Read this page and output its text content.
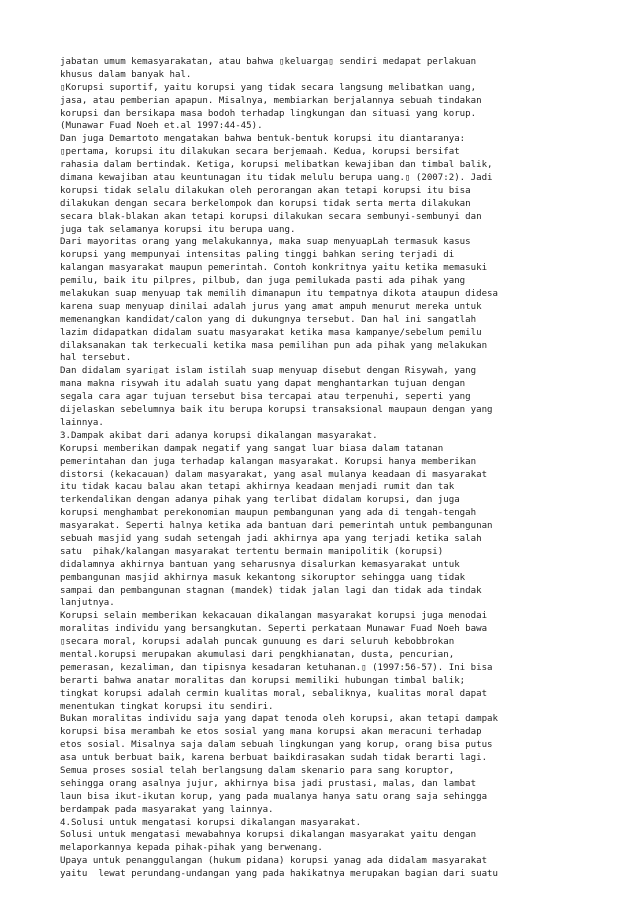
jabatan umum kemasyarakatan, atau bahwa ▯keluarga▯ sendiri medapat perlakuan
khusus dalam banyak hal.
▯Korupsi suportif, yaitu korupsi yang tidak secara langsung melibatkan uang,
jasa, atau pemberian apapun. Misalnya, membiarkan berjalannya sebuah tindakan
korupsi dan bersikapa masa bodoh terhadap lingkungan dan situasi yang korup.
(Munawar Fuad Noeh et.al 1997:44-45).
Dan juga Demartoto mengatakan bahwa bentuk-bentuk korupsi itu diantaranya:
▯pertama, korupsi itu dilakukan secara berjemaah. Kedua, korupsi bersifat
rahasia dalam bertindak. Ketiga, korupsi melibatkan kewajiban dan timbal balik,
dimana kewajiban atau keuntunagan itu tidak melulu berupa uang.▯ (2007:2). Jadi
korupsi tidak selalu dilakukan oleh perorangan akan tetapi korupsi itu bisa
dilakukan dengan secara berkelompok dan korupsi tidak serta merta dilakukan
secara blak-blakan akan tetapi korupsi dilakukan secara sembunyi-sembunyi dan
juga tak selamanya korupsi itu berupa uang.
Dari mayoritas orang yang melakukannya, maka suap menyuapLah termasuk kasus
korupsi yang mempunyai intensitas paling tinggi bahkan sering terjadi di
kalangan masyarakat maupun pemerintah. Contoh konkritnya yaitu ketika memasuki
pemilu, baik itu pilpres, pilbub, dan juga pemilukada pasti ada pihak yang
melakukan suap menyuap tak memilih dimanapun itu tempatnya dikota ataupun didesa
karena suap menyuap dinilai adalah jurus yang amat ampuh menurut mereka untuk
memenangkan kandidat/calon yang di dukungnya tersebut. Dan hal ini sangatlah
lazim didapatkan didalam suatu masyarakat ketika masa kampanye/sebelum pemilu
dilaksanakan tak terkecuali ketika masa pemilihan pun ada pihak yang melakukan
hal tersebut.
Dan didalam syari▯at islam istilah suap menyuap disebut dengan Risywah, yang
mana makna risywah itu adalah suatu yang dapat menghantarkan tujuan dengan
segala cara agar tujuan tersebut bisa tercapai atau terpenuhi, seperti yang
dijelaskan sebelumnya baik itu berupa korupsi transaksional maupaun dengan yang
lainnya.
3.Dampak akibat dari adanya korupsi dikalangan masyarakat.
Korupsi memberikan dampak negatif yang sangat luar biasa dalam tatanan
pemerintahan dan juga terhadap kalangan masyarakat. Korupsi hanya memberikan
distorsi (kekacauan) dalam masyarakat, yang asal mulanya keadaan di masyarakat
itu tidak kacau balau akan tetapi akhirnya keadaan menjadi rumit dan tak
terkendalikan dengan adanya pihak yang terlibat didalam korupsi, dan juga
korupsi menghambat perekonomian maupun pembangunan yang ada di tengah-tengah
masyarakat. Seperti halnya ketika ada bantuan dari pemerintah untuk pembangunan
sebuah masjid yang sudah setengah jadi akhirnya apa yang terjadi ketika salah
satu  pihak/kalangan masyarakat tertentu bermain manipolitik (korupsi)
didalamnya akhirnya bantuan yang seharusnya disalurkan kemasyarakat untuk
pembangunan masjid akhirnya masuk kekantong sikoruptor sehingga uang tidak
sampai dan pembangunan stagnan (mandek) tidak jalan lagi dan tidak ada tindak
lanjutnya.
Korupsi selain memberikan kekacauan dikalangan masyarakat korupsi juga menodai
moralitas individu yang bersangkutan. Seperti perkataan Munawar Fuad Noeh bawa
▯secara moral, korupsi adalah puncak gunuung es dari seluruh kebobbrokan
mental.korupsi merupakan akumulasi dari pengkhianatan, dusta, pencurian,
pemerasan, kezaliman, dan tipisnya kesadaran ketuhanan.▯ (1997:56-57). Ini bisa
berarti bahwa anatar moralitas dan korupsi memiliki hubungan timbal balik;
tingkat korupsi adalah cermin kualitas moral, sebaliknya, kualitas moral dapat
menentukan tingkat korupsi itu sendiri.
Bukan moralitas individu saja yang dapat tenoda oleh korupsi, akan tetapi dampak
korupsi bisa merambah ke etos sosial yang mana korupsi akan meracuni terhadap
etos sosial. Misalnya saja dalam sebuah lingkungan yang korup, orang bisa putus
asa untuk berbuat baik, karena berbuat baikdirasakan sudah tidak berarti lagi.
Semua proses sosial telah berlangsung dalam skenario para sang koruptor,
sehingga orang asalnya jujur, akhirnya bisa jadi prustasi, malas, dan lambat
laun bisa ikut-ikutan korup, yang pada mualanya hanya satu orang saja sehingga
berdampak pada masyarakat yang lainnya.
4.Solusi untuk mengatasi korupsi dikalangan masyarakat.
Solusi untuk mengatasi mewabahnya korupsi dikalangan masyarakat yaitu dengan
melaporkannya kepada pihak-pihak yang berwenang.
Upaya untuk penanggulangan (hukum pidana) korupsi yanag ada didalam masyarakat
yaitu  lewat perundang-undangan yang pada hakikatnya merupakan bagian dari suatu
